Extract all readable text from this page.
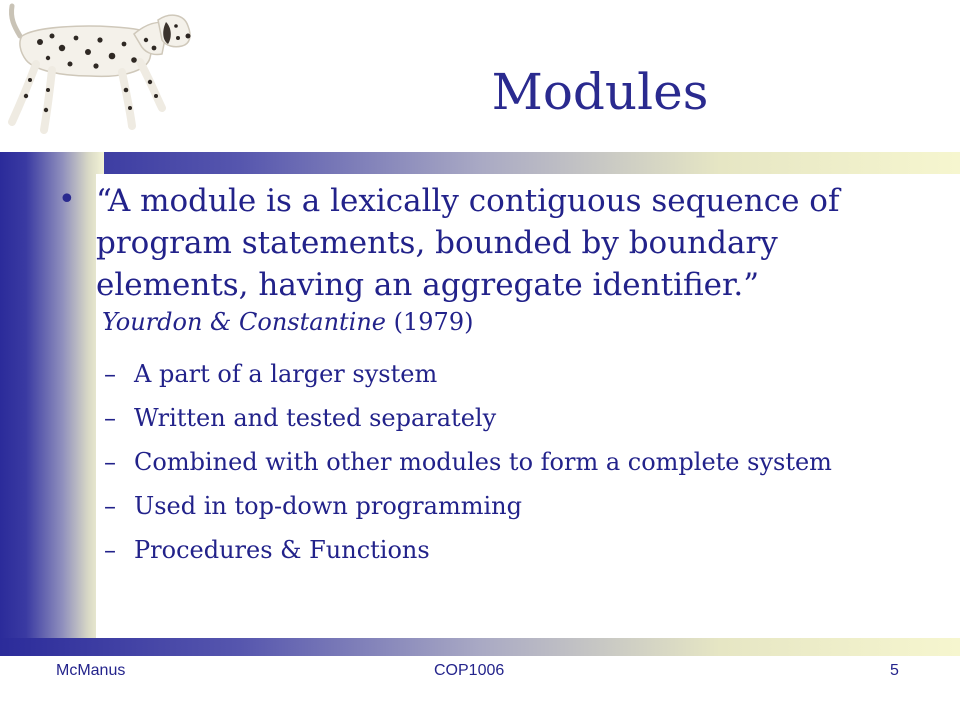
Modules
• “A module is a lexically contiguous sequence of program statements, bounded by boundary elements, having an aggregate identifier.”
Yourdon & Constantine (1979)
– A part of a larger system
– Written and tested separately
– Combined with other modules to form a complete system
– Used in top-down programming
– Procedures & Functions
McManus	COP1006	5
